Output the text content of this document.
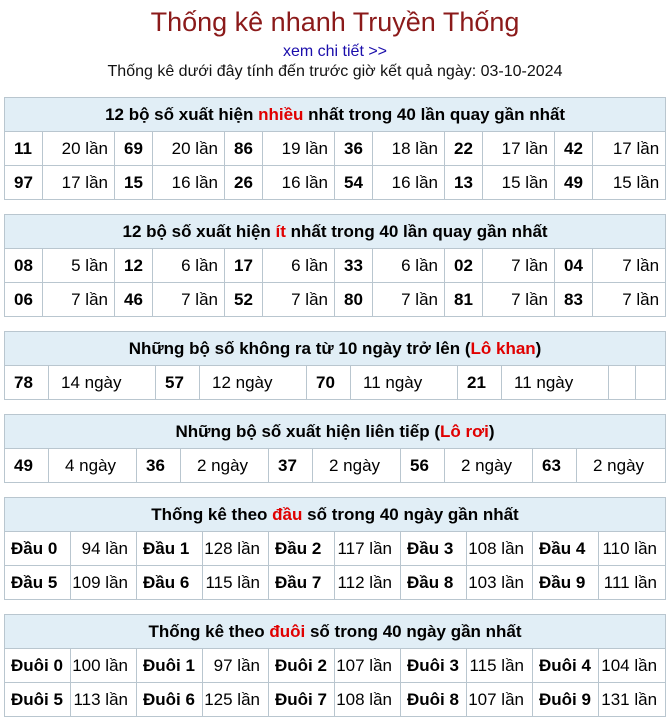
Thống kê nhanh Truyền Thống
xem chi tiết >>
Thống kê dưới đây tính đến trước giờ kết quả ngày: 03-10-2024
12 bộ số xuất hiện nhiều nhất trong 40 lần quay gần nhất											
11	20 lần	69	20 lần	86	19 lần	36	18 lần	22	17 lần	42	17 lần
97	17 lần	15	16 lần	26	16 lần	54	16 lần	13	15 lần	49	15 lần
12 bộ số xuất hiện ít nhất trong 40 lần quay gần nhất											
08	5 lần	12	6 lần	17	6 lần	33	6 lần	02	7 lần	04	7 lần
06	7 lần	46	7 lần	52	7 lần	80	7 lần	81	7 lần	83	7 lần
Những bộ số không ra từ 10 ngày trở lên (Lô khan)
78	14 ngày	57	12 ngày	70	11 ngày	21	11 ngày		
Những bộ số xuất hiện liên tiếp (Lô rơi)
49	4 ngày	36	2 ngày	37	2 ngày	56	2 ngày	63	2 ngày
Thống kê theo đầu số trong 40 ngày gần nhất									
Đầu 0	94 lần	Đầu 1	128 lần	Đầu 2	117 lần	Đầu 3	108 lần	Đầu 4	110 lần
Đầu 5	109 lần	Đầu 6	115 lần	Đầu 7	112 lần	Đầu 8	103 lần	Đầu 9	111 lần
Thống kê theo đuôi số trong 40 ngày gần nhất									
Đuôi 0	100 lần	Đuôi 1	97 lần	Đuôi 2	107 lần	Đuôi 3	115 lần	Đuôi 4	104 lần
Đuôi 5	113 lần	Đuôi 6	125 lần	Đuôi 7	108 lần	Đuôi 8	107 lần	Đuôi 9	131 lần
